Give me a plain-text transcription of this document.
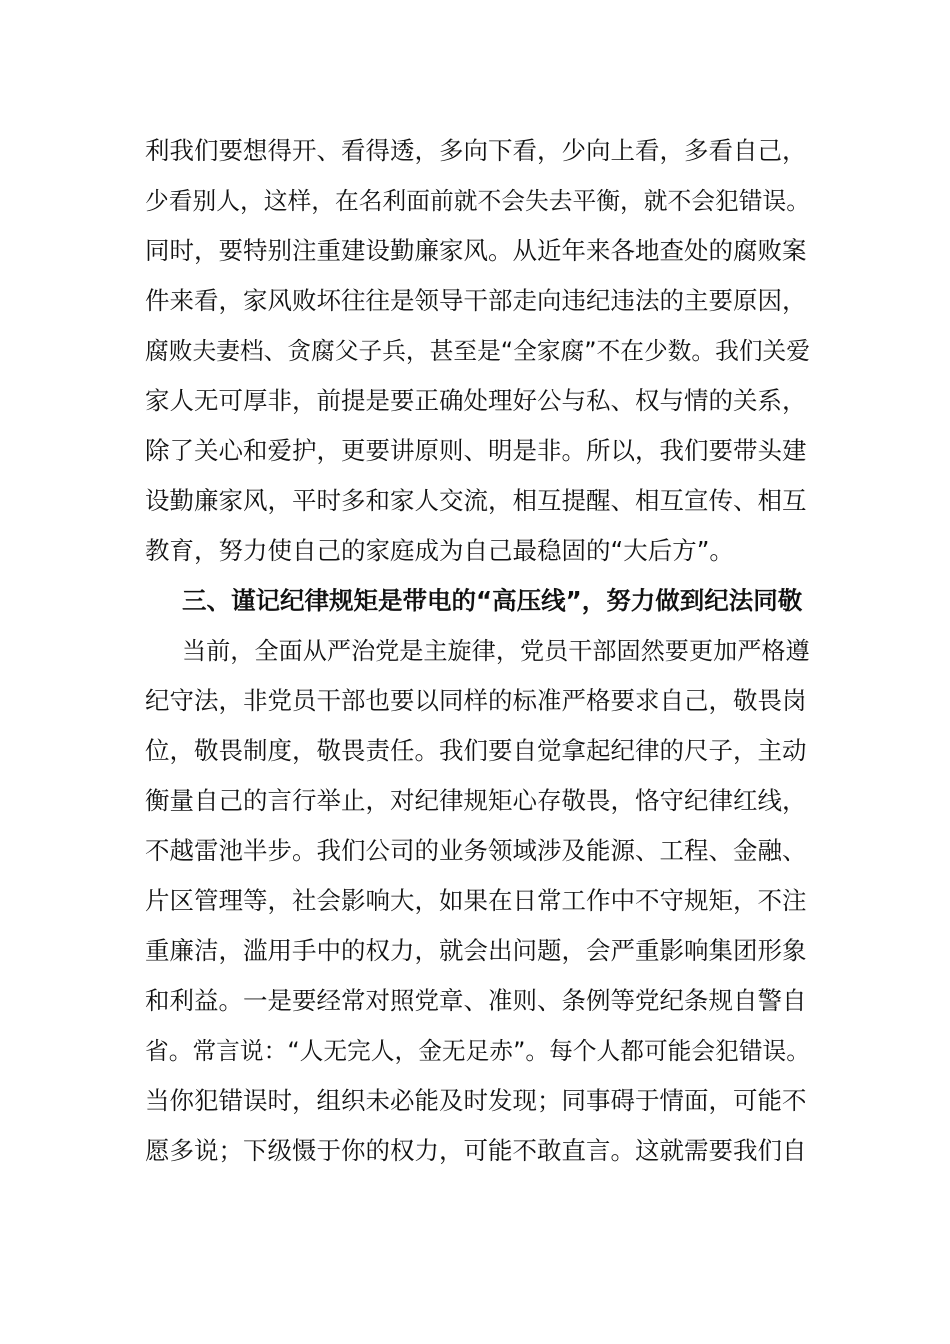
利我们要想得开、看得透，多向下看，少向上看，多看自己，
少看别人，这样，在名利面前就不会失去平衡，就不会犯错误。
同时，要特别注重建设勤廉家风。从近年来各地查处的腐败案
件来看，家风败坏往往是领导干部走向违纪违法的主要原因，
腐败夫妻档、贪腐父子兵，甚至是“全家腐”不在少数。我们关爱
家人无可厚非，前提是要正确处理好公与私、权与情的关系，
除了关心和爱护，更要讲原则、明是非。所以，我们要带头建
设勤廉家风，平时多和家人交流，相互提醒、相互宣传、相互
教育，努力使自己的家庭成为自己最稳固的“大后方”。
三、谨记纪律规矩是带电的“高压线”，努力做到纪法同敬
当前，全面从严治党是主旋律，党员干部固然要更加严格遵
纪守法，非党员干部也要以同样的标准严格要求自己，敬畏岗
位，敬畏制度，敬畏责任。我们要自觉拿起纪律的尺子，主动
衡量自己的言行举止，对纪律规矩心存敬畏，恪守纪律红线，
不越雷池半步。我们公司的业务领域涉及能源、工程、金融、
片区管理等，社会影响大，如果在日常工作中不守规矩，不注
重廉洁，滥用手中的权力，就会出问题，会严重影响集团形象
和利益。一是要经常对照党章、准则、条例等党纪条规自警自
省。常言说：“人无完人，金无足赤”。每个人都可能会犯错误。
当你犯错误时，组织未必能及时发现；同事碍于情面，可能不
愿多说；下级慑于你的权力，可能不敢直言。这就需要我们自
